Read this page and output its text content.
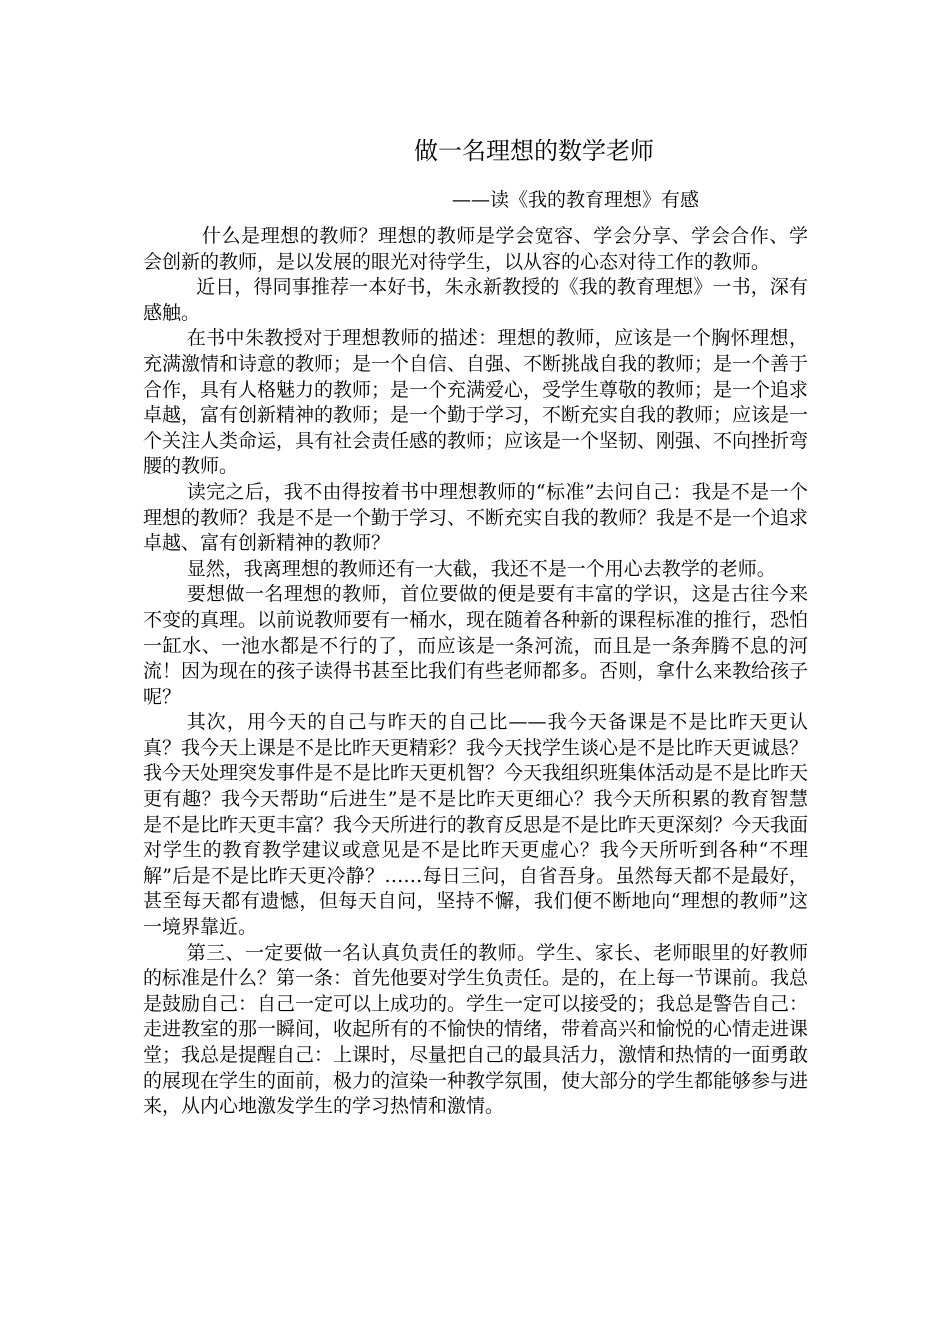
做一名理想的数学老师
——读《我的教育理想》有感

什么是理想的教师？理想的教师是学会宽容、学会分享、学会合作、学会创新的教师，是以发展的眼光对待学生，以从容的心态对待工作的教师。

近日，得同事推荐一本好书，朱永新教授的《我的教育理想》一书，深有感触。

在书中朱教授对于理想教师的描述：理想的教师，应该是一个胸怀理想，充满激情和诗意的教师；是一个自信、自强、不断挑战自我的教师；是一个善于合作，具有人格魅力的教师；是一个充满爱心，受学生尊敬的教师；是一个追求卓越，富有创新精神的教师；是一个勤于学习，不断充实自我的教师；应该是一个关注人类命运，具有社会责任感的教师；应该是一个坚韧、刚强、不向挫折弯腰的教师。

读完之后，我不由得按着书中理想教师的“标准”去问自己：我是不是一个理想的教师？我是不是一个勤于学习、不断充实自我的教师？我是不是一个追求卓越、富有创新精神的教师？

显然，我离理想的教师还有一大截，我还不是一个用心去教学的老师。

要想做一名理想的教师，首位要做的便是要有丰富的学识，这是古往今来不变的真理。以前说教师要有一桶水，现在随着各种新的课程标准的推行，恐怕一缸水、一池水都是不行的了，而应该是一条河流，而且是一条奔腾不息的河流！因为现在的孩子读得书甚至比我们有些老师都多。否则，拿什么来教给孩子呢？

其次，用今天的自己与昨天的自己比——我今天备课是不是比昨天更认真？我今天上课是不是比昨天更精彩？我今天找学生谈心是不是比昨天更诚恳？我今天处理突发事件是不是比昨天更机智？今天我组织班集体活动是不是比昨天更有趣？我今天帮助“后进生”是不是比昨天更细心？我今天所积累的教育智慧是不是比昨天更丰富？我今天所进行的教育反思是不是比昨天更深刻？今天我面对学生的教育教学建议或意见是不是比昨天更虚心？我今天所听到各种“不理解”后是不是比昨天更冷静？……每日三问，自省吾身。虽然每天都不是最好，甚至每天都有遗憾，但每天自问，坚持不懈，我们便不断地向“理想的教师”这一境界靠近。

第三、一定要做一名认真负责任的教师。学生、家长、老师眼里的好教师的标准是什么？第一条：首先他要对学生负责任。是的，在上每一节课前。我总是鼓励自己：自己一定可以上成功的。学生一定可以接受的；我总是警告自己：走进教室的那一瞬间，收起所有的不愉快的情绪，带着高兴和愉悦的心情走进课堂；我总是提醒自己：上课时，尽量把自己的最具活力，激情和热情的一面勇敢的展现在学生的面前，极力的渲染一种教学氛围，使大部分的学生都能够参与进来，从内心地激发学生的学习热情和激情。
